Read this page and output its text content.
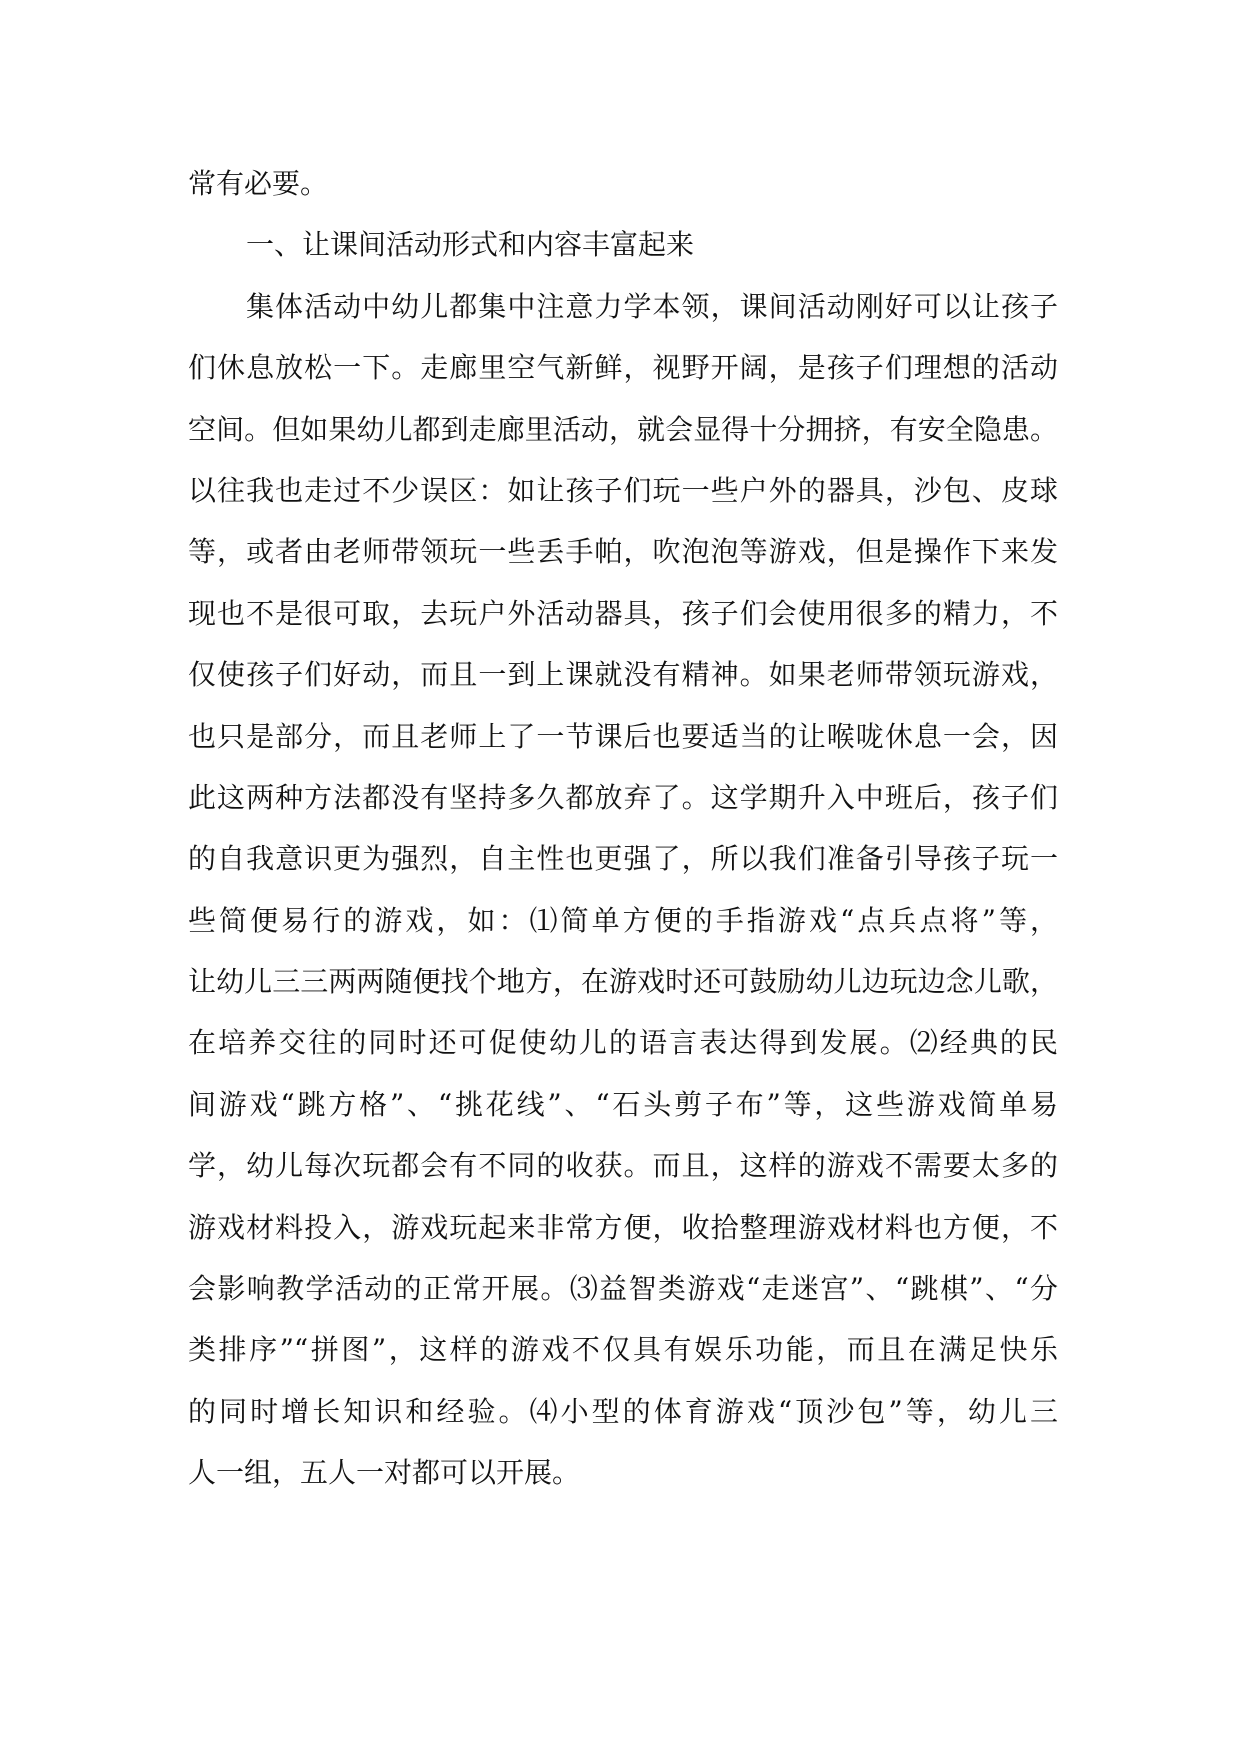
常有必要。
一、让课间活动形式和内容丰富起来
集体活动中幼儿都集中注意力学本领，课间活动刚好可以让孩子
们休息放松一下。走廊里空气新鲜，视野开阔，是孩子们理想的活动
空间。但如果幼儿都到走廊里活动，就会显得十分拥挤，有安全隐患。
以往我也走过不少误区：如让孩子们玩一些户外的器具，沙包、皮球
等，或者由老师带领玩一些丢手帕，吹泡泡等游戏，但是操作下来发
现也不是很可取，去玩户外活动器具，孩子们会使用很多的精力，不
仅使孩子们好动，而且一到上课就没有精神。如果老师带领玩游戏，
也只是部分，而且老师上了一节课后也要适当的让喉咙休息一会，因
此这两种方法都没有坚持多久都放弃了。这学期升入中班后，孩子们
的自我意识更为强烈，自主性也更强了，所以我们准备引导孩子玩一
些简便易行的游戏，如：⑴简单方便的手指游戏“点兵点将”等，
让幼儿三三两两随便找个地方，在游戏时还可鼓励幼儿边玩边念儿歌，
在培养交往的同时还可促使幼儿的语言表达得到发展。⑵经典的民
间游戏“跳方格”、“挑花线”、“石头剪子布”等，这些游戏简单易
学，幼儿每次玩都会有不同的收获。而且，这样的游戏不需要太多的
游戏材料投入，游戏玩起来非常方便，收拾整理游戏材料也方便，不
会影响教学活动的正常开展。⑶益智类游戏“走迷宫”、“跳棋”、“分
类排序”“拼图”，这样的游戏不仅具有娱乐功能，而且在满足快乐
的同时增长知识和经验。⑷小型的体育游戏“顶沙包”等，幼儿三
人一组，五人一对都可以开展。
